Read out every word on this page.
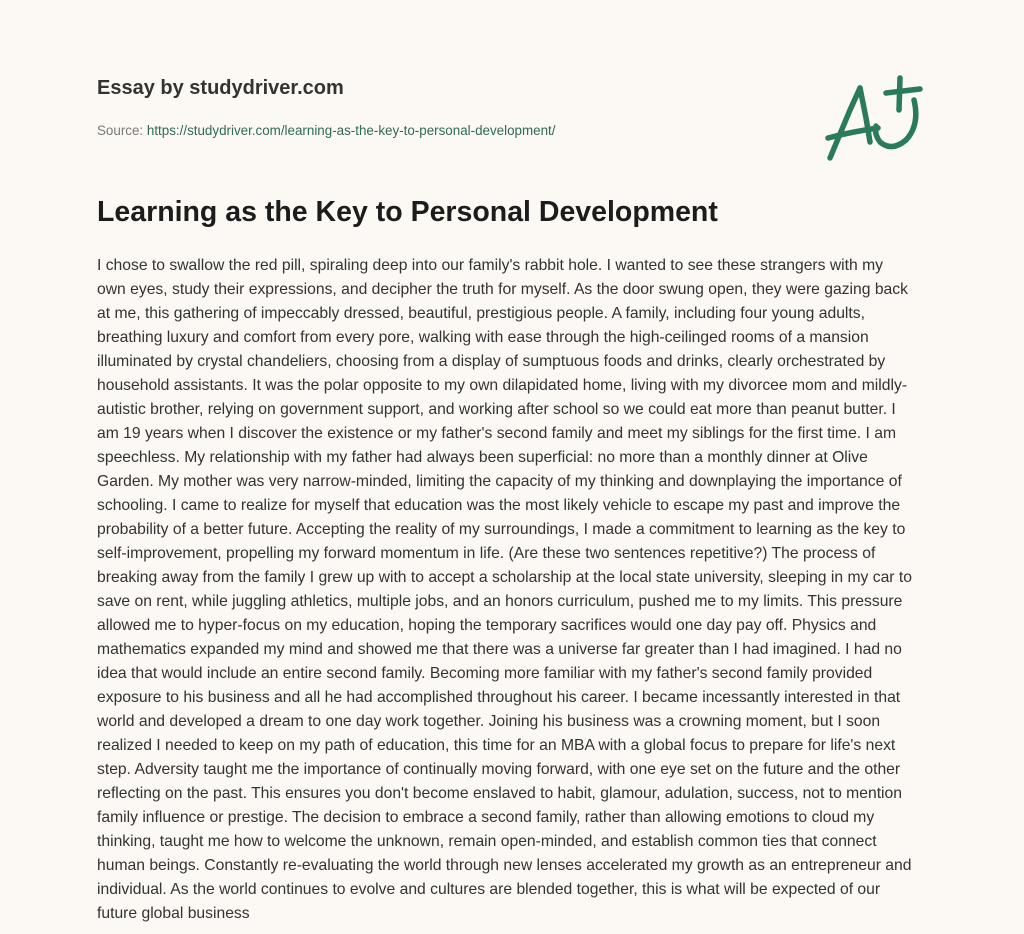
Essay by studydriver.com

Source: https://studydriver.com/learning-as-the-key-to-personal-development/

Learning as the Key to Personal Development
I chose to swallow the red pill, spiraling deep into our family's rabbit hole. I wanted to see these strangers with my
own eyes, study their expressions, and decipher the truth for myself. As the door swung open, they were gazing back
at me, this gathering of impeccably dressed, beautiful, prestigious people. A family, including four young adults,
breathing luxury and comfort from every pore, walking with ease through the high-ceilinged rooms of a mansion
illuminated by crystal chandeliers, choosing from a display of sumptuous foods and drinks, clearly orchestrated by
household assistants. It was the polar opposite to my own dilapidated home, living with my divorcee mom and mildly-
autistic brother, relying on government support, and working after school so we could eat more than peanut butter. I
am 19 years when I discover the existence or my father's second family and meet my siblings for the first time. I am
speechless. My relationship with my father had always been superficial: no more than a monthly dinner at Olive
Garden. My mother was very narrow-minded, limiting the capacity of my thinking and downplaying the importance of
schooling. I came to realize for myself that education was the most likely vehicle to escape my past and improve the
probability of a better future. Accepting the reality of my surroundings, I made a commitment to learning as the key to
self-improvement, propelling my forward momentum in life. (Are these two sentences repetitive?) The process of
breaking away from the family I grew up with to accept a scholarship at the local state university, sleeping in my car to
save on rent, while juggling athletics, multiple jobs, and an honors curriculum, pushed me to my limits. This pressure
allowed me to hyper-focus on my education, hoping the temporary sacrifices would one day pay off. Physics and
mathematics expanded my mind and showed me that there was a universe far greater than I had imagined. I had no
idea that would include an entire second family. Becoming more familiar with my father's second family provided
exposure to his business and all he had accomplished throughout his career. I became incessantly interested in that
world and developed a dream to one day work together. Joining his business was a crowning moment, but I soon
realized I needed to keep on my path of education, this time for an MBA with a global focus to prepare for life's next
step. Adversity taught me the importance of continually moving forward, with one eye set on the future and the other
reflecting on the past. This ensures you don't become enslaved to habit, glamour, adulation, success, not to mention
family influence or prestige. The decision to embrace a second family, rather than allowing emotions to cloud my
thinking, taught me how to welcome the unknown, remain open-minded, and establish common ties that connect
human beings. Constantly re-evaluating the world through new lenses accelerated my growth as an entrepreneur and
individual. As the world continues to evolve and cultures are blended together, this is what will be expected of our
future global business
